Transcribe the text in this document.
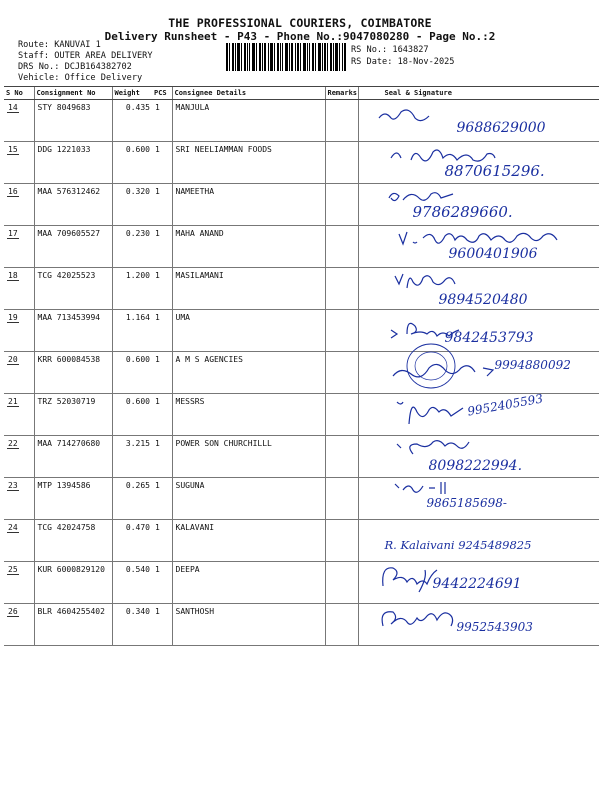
THE PROFESSIONAL COURIERS, COIMBATORE
Delivery Runsheet - P43 - Phone No.:9047080280 - Page No.:2
Route: KANUVAI 1
Staff: OUTER AREA DELIVERY
DRS No.: DCJB164382702
Vehicle: Office Delivery
RS No.: 1643827
RS Date: 18-Nov-2025
S No	Consignment No	Weight	PCS	Consignee Details	Remarks	Seal & Signature
14	STY 8049683	0.435	1	MANJULA		9688629000

15	DDG 1221033	0.600	1	SRI NEELIAMMAN FOODS		8870615296.

16	MAA 576312462	0.320	1	NAMEETHA		9786289660.

17	MAA 709605527	0.230	1	MAHA ANAND		9600401906

18	TCG 42025523	1.200	1	MASILAMANI		9894520480

19	MAA 713453994	1.164	1	UMA		9842453793

20	KRR 600084538	0.600	1	A M S AGENCIES		9994880092

21	TRZ 52030719	0.600	1	MESSRS		9952405593

22	MAA 714270680	3.215	1	POWER SON CHURCHILLL		8098222994.

23	MTP 1394586	0.265	1	SUGUNA		9865185698-

24	TCG 42024758	0.470	1	KALAVANI		R. Kalaivani 9245489825

25	KUR 6000829120	0.540	1	DEEPA		9442224691

26	BLR 4604255402	0.340	1	SANTHOSH		9952543903
